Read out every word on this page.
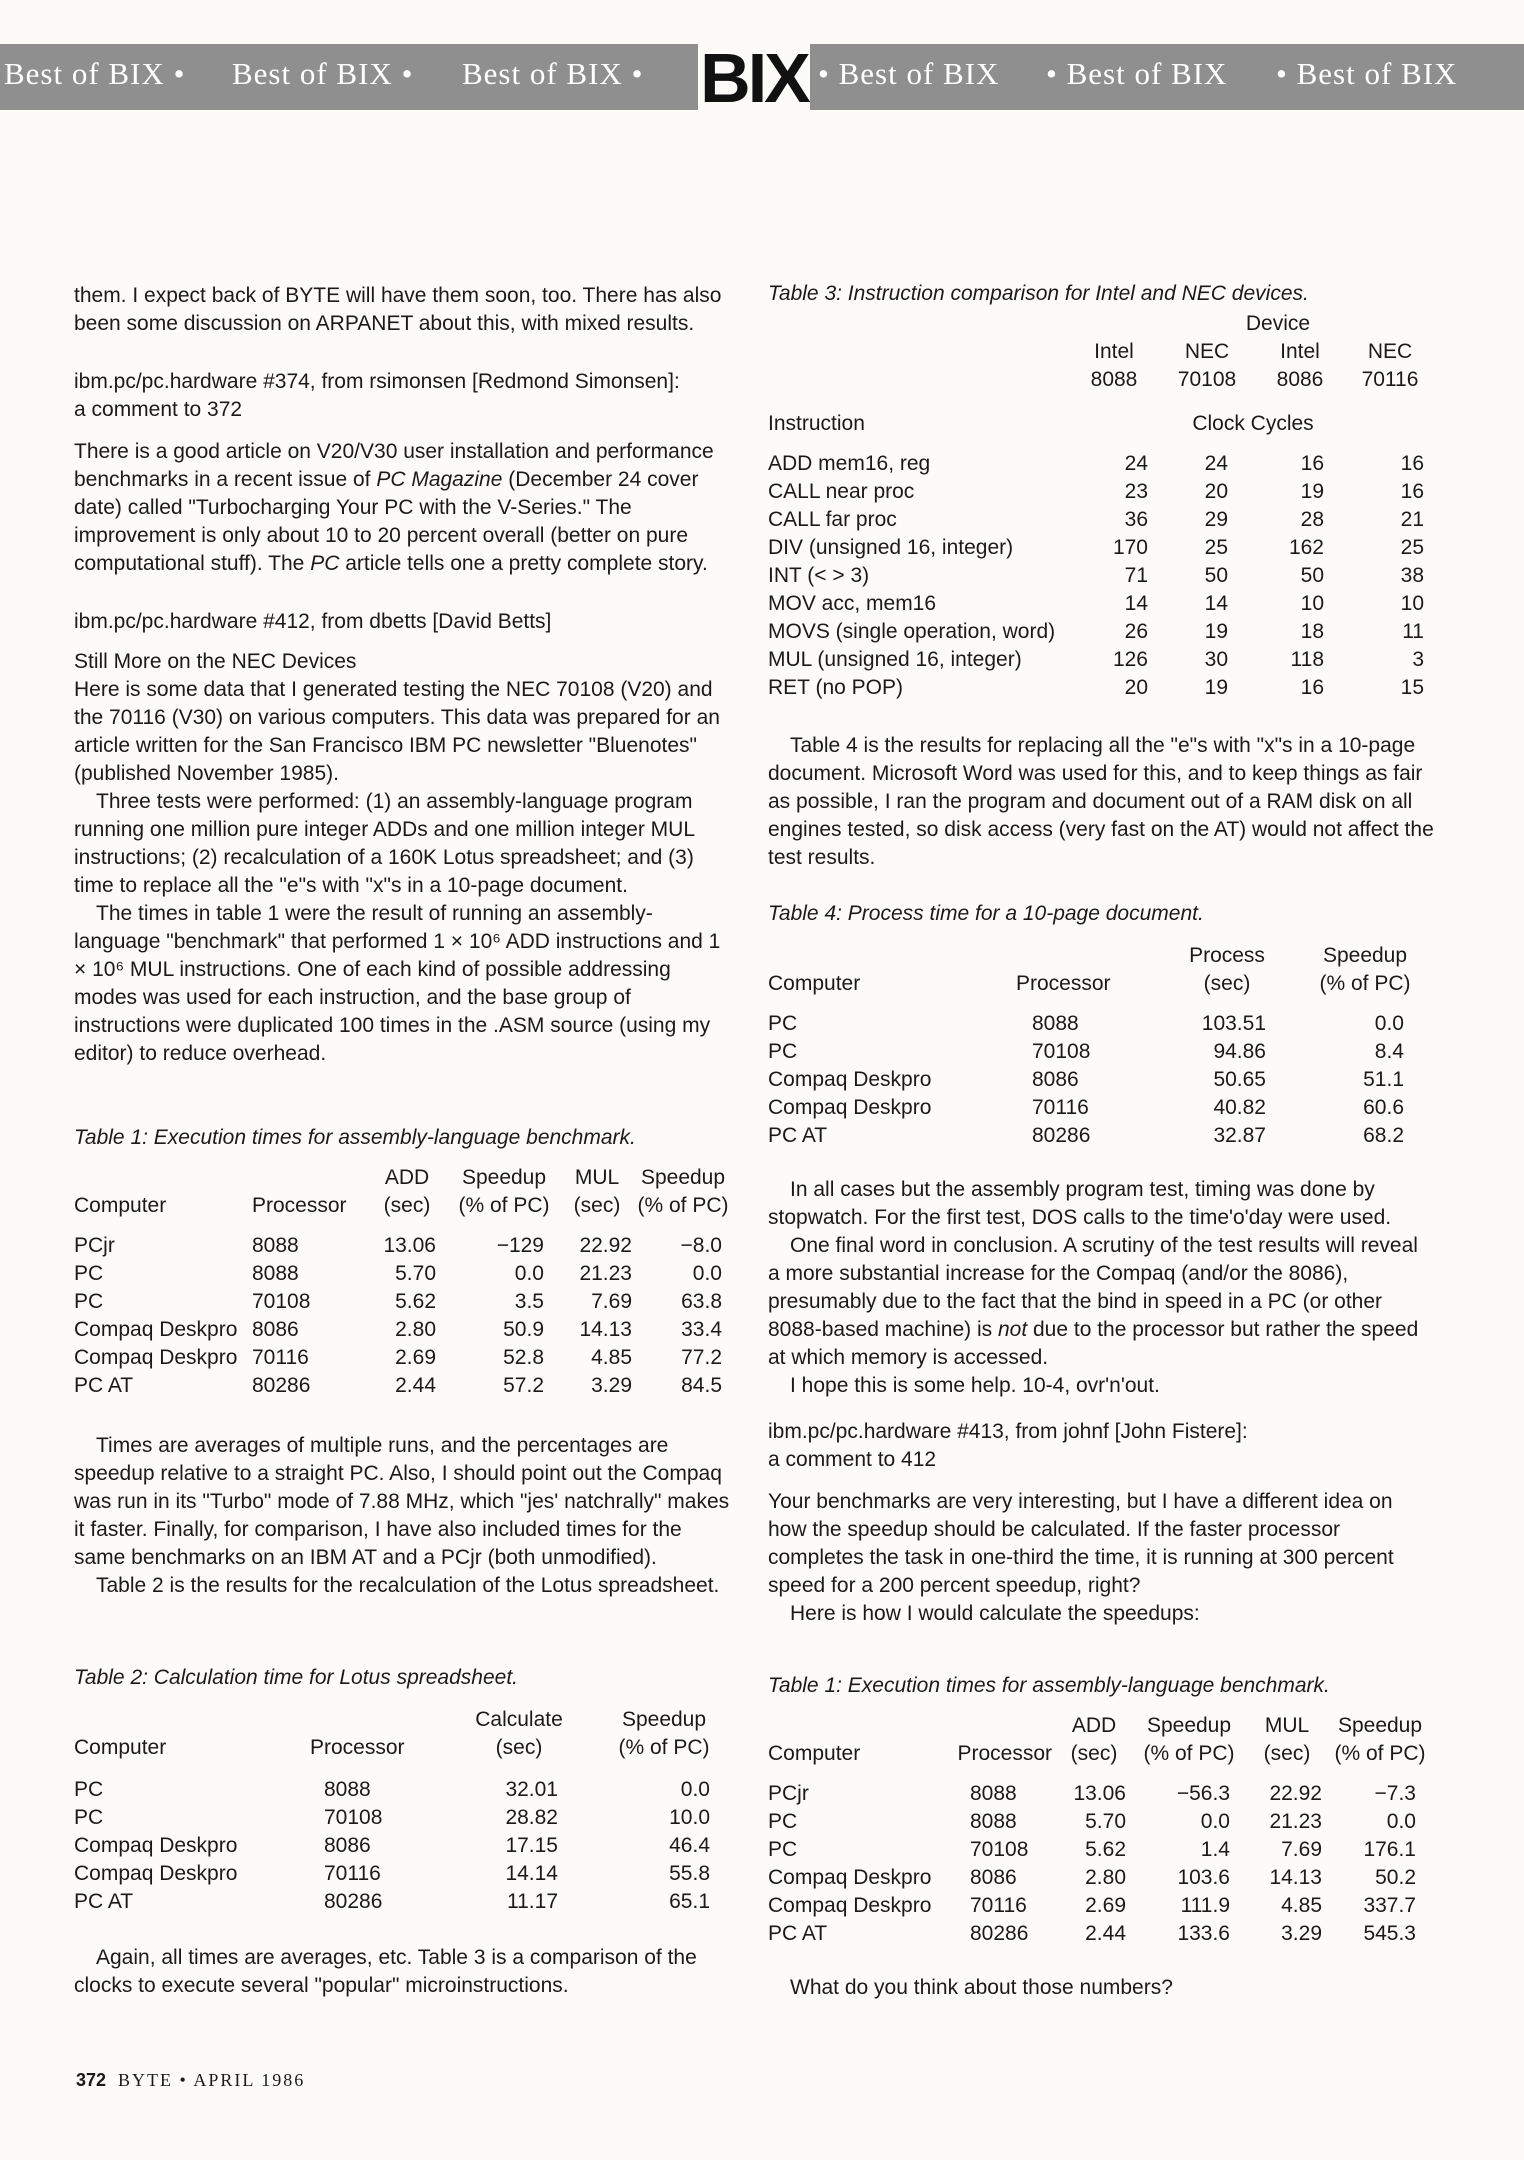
Best of BIX • Best of BIX • Best of BIX •	• Best of BIX • Best of BIX • Best of BIX
BIX

them. I expect back of BYTE will have them soon, too. There has also been some discussion on ARPANET about this, with mixed results.

ibm.pc/pc.hardware #374, from rsimonsen [Redmond Simonsen]:

a comment to 372

There is a good article on V20/V30 user installation and performance benchmarks in a recent issue of PC Magazine (December 24 cover date) called "Turbocharging Your PC with the V-Series." The improvement is only about 10 to 20 percent overall (better on pure computational stuff). The PC article tells one a pretty complete story.

ibm.pc/pc.hardware #412, from dbetts [David Betts]

Still More on the NEC Devices

Here is some data that I generated testing the NEC 70108 (V20) and the 70116 (V30) on various computers. This data was prepared for an article written for the San Francisco IBM PC newsletter "Bluenotes" (published November 1985).

Three tests were performed: (1) an assembly-language program running one million pure integer ADDs and one million integer MUL instructions; (2) recalculation of a 160K Lotus spreadsheet; and (3) time to replace all the "e"s with "x"s in a 10-page document.

The times in table 1 were the result of running an assembly-language "benchmark" that performed 1 × 10⁶ ADD instructions and 1 × 10⁶ MUL instructions. One of each kind of possible addressing modes was used for each instruction, and the base group of instructions were duplicated 100 times in the .ASM source (using my editor) to reduce overhead.

Table 1: Execution times for assembly-language benchmark.

		ADD	Speedup	MUL	Speedup
Computer	Processor	(sec)	(% of PC)	(sec)	(% of PC)

PCjr	8088	13.06	−129	22.92	−8.0
PC	8088	5.70	0.0	21.23	0.0
PC	70108	5.62	3.5	7.69	63.8
Compaq Deskpro	8086	2.80	50.9	14.13	33.4
Compaq Deskpro	70116	2.69	52.8	4.85	77.2
PC AT	80286	2.44	57.2	3.29	84.5

Times are averages of multiple runs, and the percentages are speedup relative to a straight PC. Also, I should point out the Compaq was run in its "Turbo" mode of 7.88 MHz, which "jes' natchrally" makes it faster. Finally, for comparison, I have also included times for the same benchmarks on an IBM AT and a PCjr (both unmodified).

Table 2 is the results for the recalculation of the Lotus spreadsheet.

Table 2: Calculation time for Lotus spreadsheet.

		Calculate	Speedup
Computer	Processor	(sec)	(% of PC)

PC	8088	32.01	0.0
PC	70108	28.82	10.0
Compaq Deskpro	8086	17.15	46.4
Compaq Deskpro	70116	14.14	55.8
PC AT	80286	11.17	65.1

Again, all times are averages, etc. Table 3 is a comparison of the clocks to execute several "popular" microinstructions.

Table 3: Instruction comparison for Intel and NEC devices.

		Device		
	Intel	NEC	Intel	NEC
	8088	70108	8086	70116
Instruction		Clock Cycles		

ADD mem16, reg	24	24	16	16
CALL near proc	23	20	19	16
CALL far proc	36	29	28	21
DIV (unsigned 16, integer)	170	25	162	25
INT (< > 3)	71	50	50	38
MOV acc, mem16	14	14	10	10
MOVS (single operation, word)	26	19	18	11
MUL (unsigned 16, integer)	126	30	118	3
RET (no POP)	20	19	16	15

Table 4 is the results for replacing all the "e"s with "x"s in a 10-page document. Microsoft Word was used for this, and to keep things as fair as possible, I ran the program and document out of a RAM disk on all engines tested, so disk access (very fast on the AT) would not affect the test results.

Table 4: Process time for a 10-page document.

		Process	Speedup
Computer	Processor	(sec)	(% of PC)

PC	8088	103.51	0.0
PC	70108	94.86	8.4
Compaq Deskpro	8086	50.65	51.1
Compaq Deskpro	70116	40.82	60.6
PC AT	80286	32.87	68.2

In all cases but the assembly program test, timing was done by stopwatch. For the first test, DOS calls to the time'o'day were used.

One final word in conclusion. A scrutiny of the test results will reveal a more substantial increase for the Compaq (and/or the 8086), presumably due to the fact that the bind in speed in a PC (or other 8088-based machine) is not due to the processor but rather the speed at which memory is accessed.

I hope this is some help. 10-4, ovr'n'out.

ibm.pc/pc.hardware #413, from johnf [John Fistere]:

a comment to 412

Your benchmarks are very interesting, but I have a different idea on how the speedup should be calculated. If the faster processor completes the task in one-third the time, it is running at 300 percent speed for a 200 percent speedup, right?

Here is how I would calculate the speedups:

Table 1: Execution times for assembly-language benchmark.

		ADD	Speedup	MUL	Speedup
Computer	Processor	(sec)	(% of PC)	(sec)	(% of PC)

PCjr	8088	13.06	−56.3	22.92	−7.3
PC	8088	5.70	0.0	21.23	0.0
PC	70108	5.62	1.4	7.69	176.1
Compaq Deskpro	8086	2.80	103.6	14.13	50.2
Compaq Deskpro	70116	2.69	111.9	4.85	337.7
PC AT	80286	2.44	133.6	3.29	545.3

What do you think about those numbers?

372 BYTE • APRIL 1986
